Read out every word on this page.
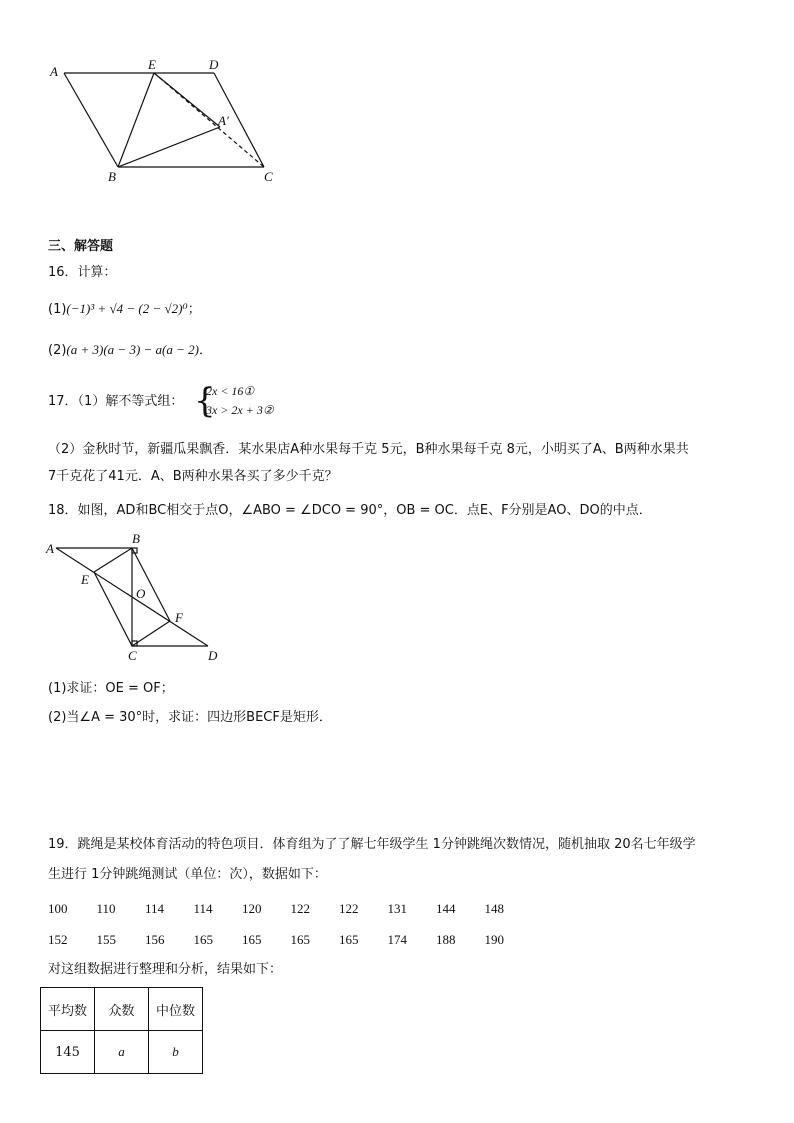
A	E	D
A′
B	C
三、解答题
16．计算：
(1)(−1)³ + √4 − (2 − √2)⁰；
(2)(a + 3)(a − 3) − a(a − 2)．
17．（1）解不等式组： {
2x < 16①
3x > 2x + 3②
（2）金秋时节，新疆瓜果飘香．某水果店A种水果每千克 5元，B种水果每千克 8元，小明买了A、B两种水果共
7千克花了41元．A、B两种水果各买了多少千克？
18．如图，AD和BC相交于点O，∠ABO = ∠DCO = 90°，OB = OC．点E、F分别是AO、DO的中点．
A
B
E
O
F
C	D
(1)求证：OE = OF；
(2)当∠A = 30°时，求证：四边形BECF是矩形．
19．跳绳是某校体育活动的特色项目．体育组为了了解七年级学生 1分钟跳绳次数情况，随机抽取 20名七年级学
生进行 1分钟跳绳测试（单位：次），数据如下：
100 110 114 114 120 122 122 131 144 148
152 155 156 165 165 165 165 174 188 190
对这组数据进行整理和分析，结果如下：
平均数	众数	中位数
145	a	b
